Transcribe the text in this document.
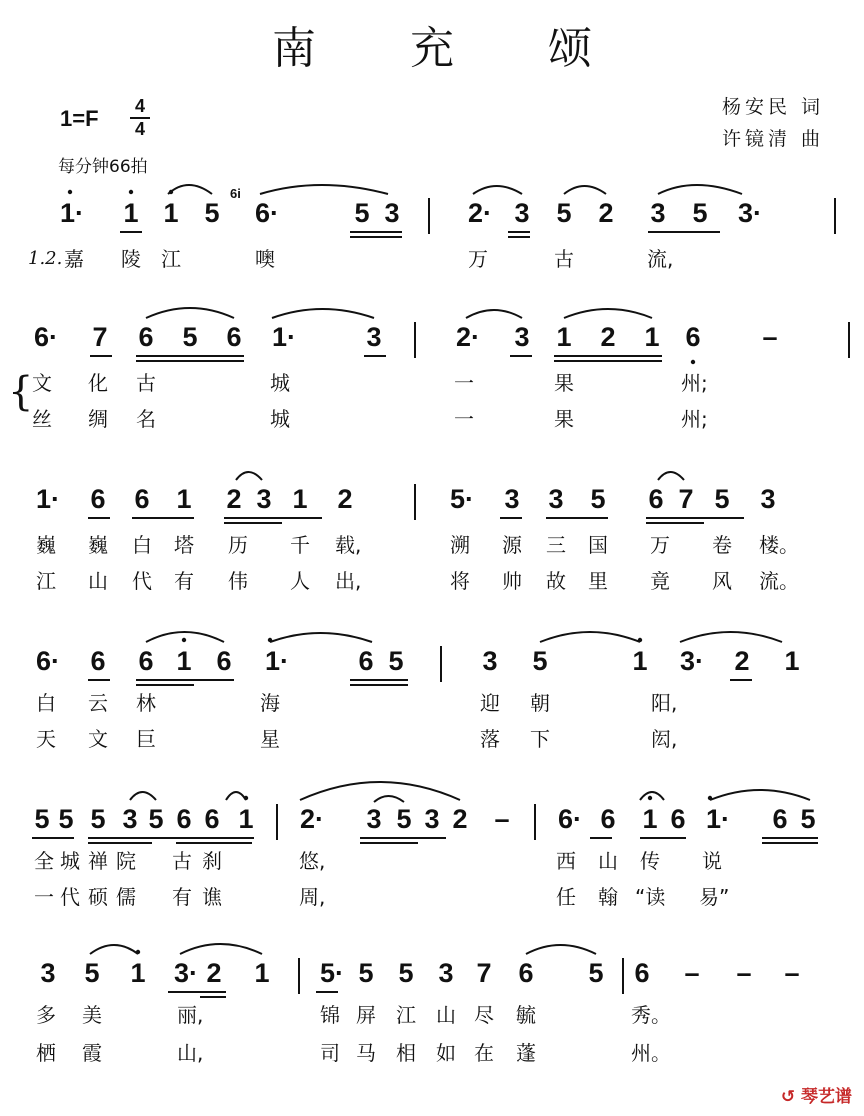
南 充 颂
1=F 4
4
每分钟66拍
杨安民 词
许镜清 曲
1· 1 1 5
6i
6·	5 3	2· 3 5 2 3 5 3·
1.2. 嘉 陵 江	噢	万	古	流,
6· 7 6 5 6 1·	3	2· 3 1 2 1 6 –
{
文 化 古	城	一	果	州;
丝 绸 名	城	一	果	州;
1· 6 6 1 2 3 1 2	5· 3 3 5 6 7 5 3
巍 巍 白 塔 历 千 载,	溯 源 三 国 万 卷 楼。
江 山 代 有 伟 人 出,	将 帅 故 里 竟 风 流。
6· 6 6 1 6 1·	6 5	3 5	1 3· 2 1
白 云 林	海	迎 朝	阳,
天 文 巨	星	落 下	闳,
5 5 5 3 5 6 6 1 2· 3 5 3 2 – 6· 6 1 6 1· 6 5
全 城 禅 院 古 刹	悠,	西 山 传 说
一 代 硕 儒 有 谯	周,	任 翰 “读 易”
3 5 1 3· 2 1 5· 5 5 3 7 6 5 6 – – –
多 美	丽,	锦 屏 江 山 尽 毓	秀。
栖 霞	山,	司 马 相 如 在 蓬	州。
↺ 琴艺谱
